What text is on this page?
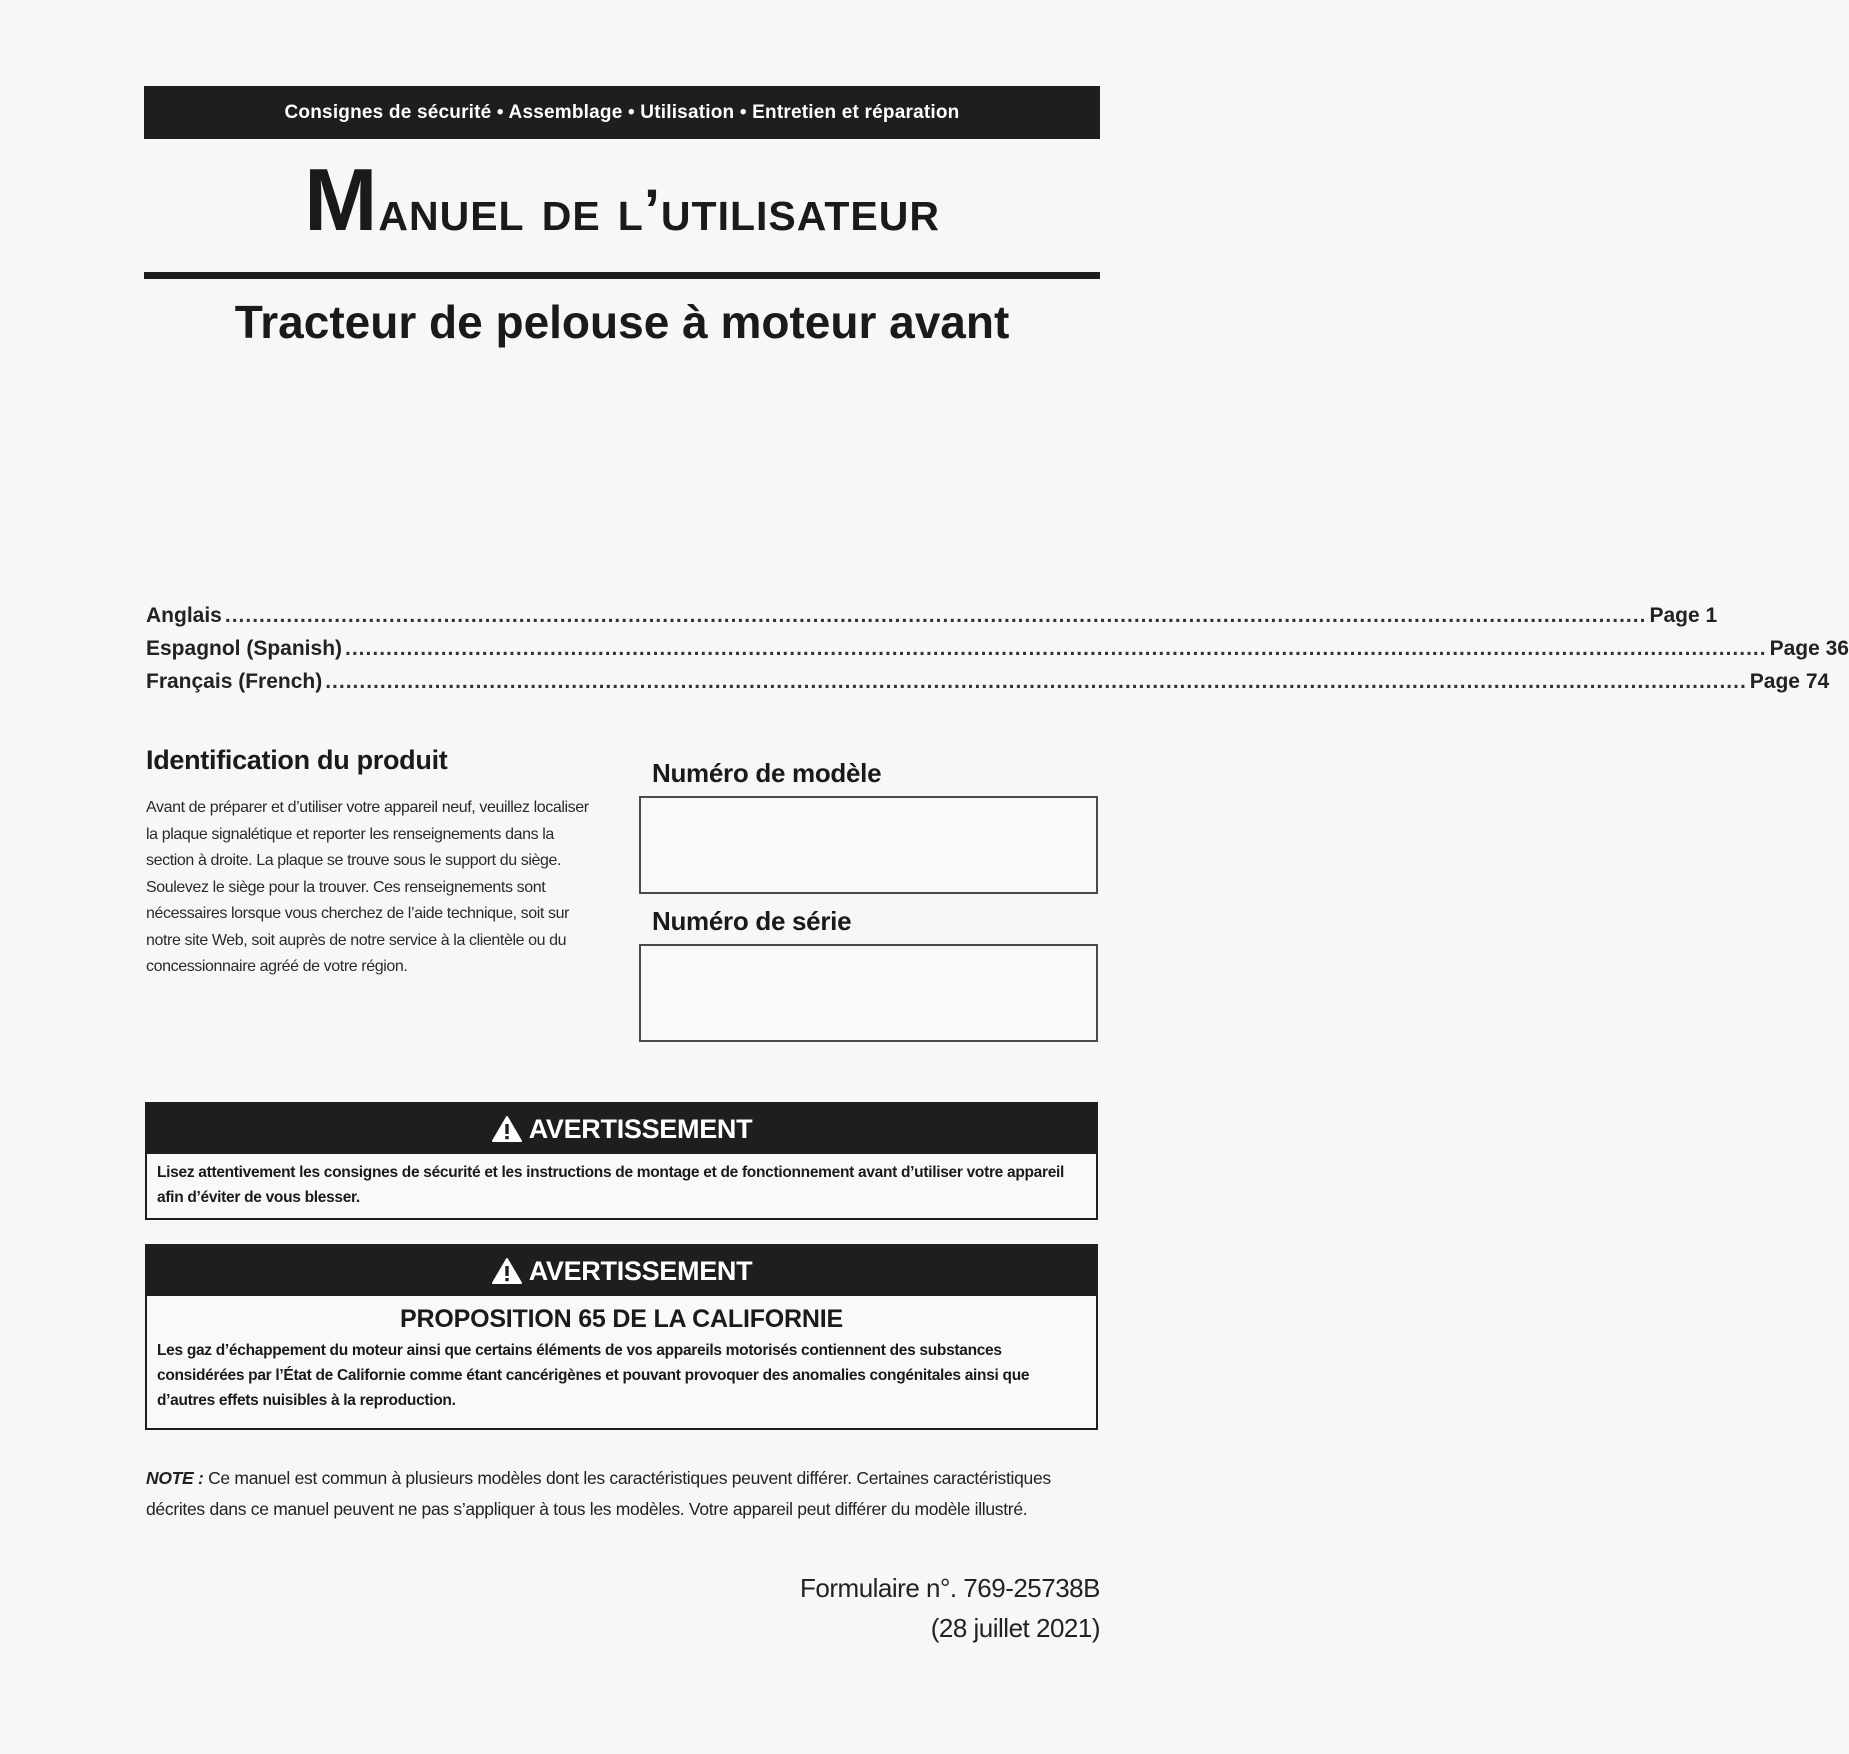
Consignes de sécurité • Assemblage • Utilisation • Entretien et réparation
Manuel de l’utilisateur
Tracteur de pelouse à moteur avant
Anglais ................................................................................................................................................................................................................ Page 1
Espagnol (Spanish) ................................................................................................................................................................................................................ Page 36
Français (French) ................................................................................................................................................................................................................ Page 74
Identification du produit
Avant de préparer et d’utiliser votre appareil neuf, veuillez localiser la plaque signalétique et reporter les renseignements dans la section à droite. La plaque se trouve sous le support du siège. Soulevez le siège pour la trouver. Ces renseignements sont nécessaires lorsque vous cherchez de l’aide technique, soit sur notre site Web, soit auprès de notre service à la clientèle ou du concessionnaire agréé de votre région.
Numéro de modèle
Numéro de série
AVERTISSEMENT
Lisez attentivement les consignes de sécurité et les instructions de montage et de fonctionnement avant d’utiliser votre appareil afin d’éviter de vous blesser.
AVERTISSEMENT
PROPOSITION 65 DE LA CALIFORNIE
Les gaz d’échappement du moteur ainsi que certains éléments de vos appareils motorisés contiennent des substances considérées par l’État de Californie comme étant cancérigènes et pouvant provoquer des anomalies congénitales ainsi que d’autres effets nuisibles à la reproduction.
NOTE : Ce manuel est commun à plusieurs modèles dont les caractéristiques peuvent différer. Certaines caractéristiques décrites dans ce manuel peuvent ne pas s’appliquer à tous les modèles. Votre appareil peut différer du modèle illustré.
Formulaire n°. 769-25738B
(28 juillet 2021)
